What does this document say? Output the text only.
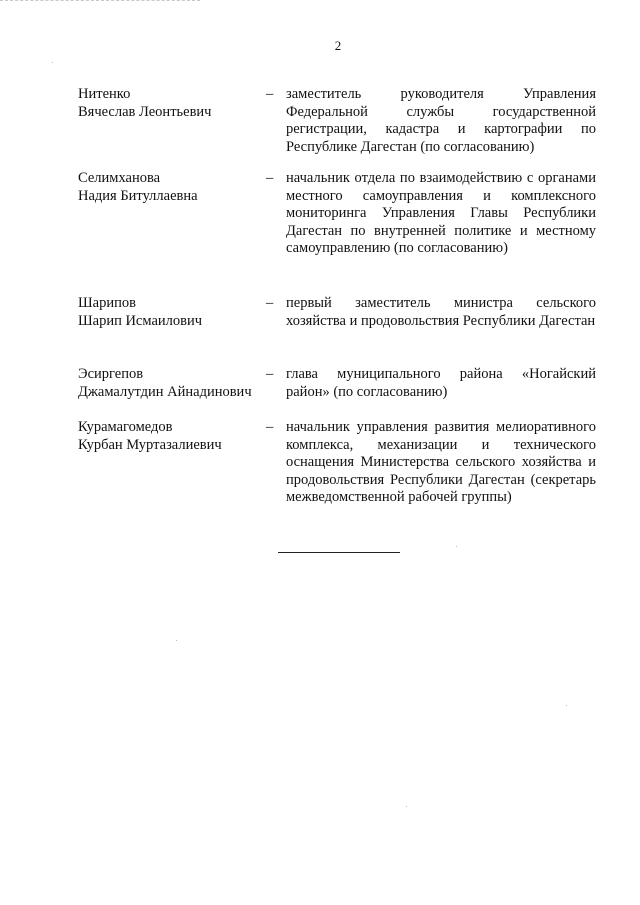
2
Нитенко
Вячеслав Леонтьевич
– заместитель руководителя Управления Федеральной службы государственной регистрации, кадастра и картографии по Республике Дагестан (по согласованию)
Селимханова
Надия Битуллаевна
– начальник отдела по взаимодействию с органами местного самоуправления и комплексного мониторинга Управления Главы Республики Дагестан по внутренней политике и местному самоуправлению (по согласованию)
Шарипов
Шарип Исмаилович
– первый заместитель министра сельского хозяйства и продовольствия Республики Дагестан
Эсиргепов
Джамалутдин Айнадинович
– глава муниципального района «Ногайский район» (по согласованию)
Курамагомедов
Курбан Муртазалиевич
– начальник управления развития мелиоративного комплекса, механизации и технического оснащения Министерства сельского хозяйства и продовольствия Республики Дагестан (секретарь межведомственной рабочей группы)
